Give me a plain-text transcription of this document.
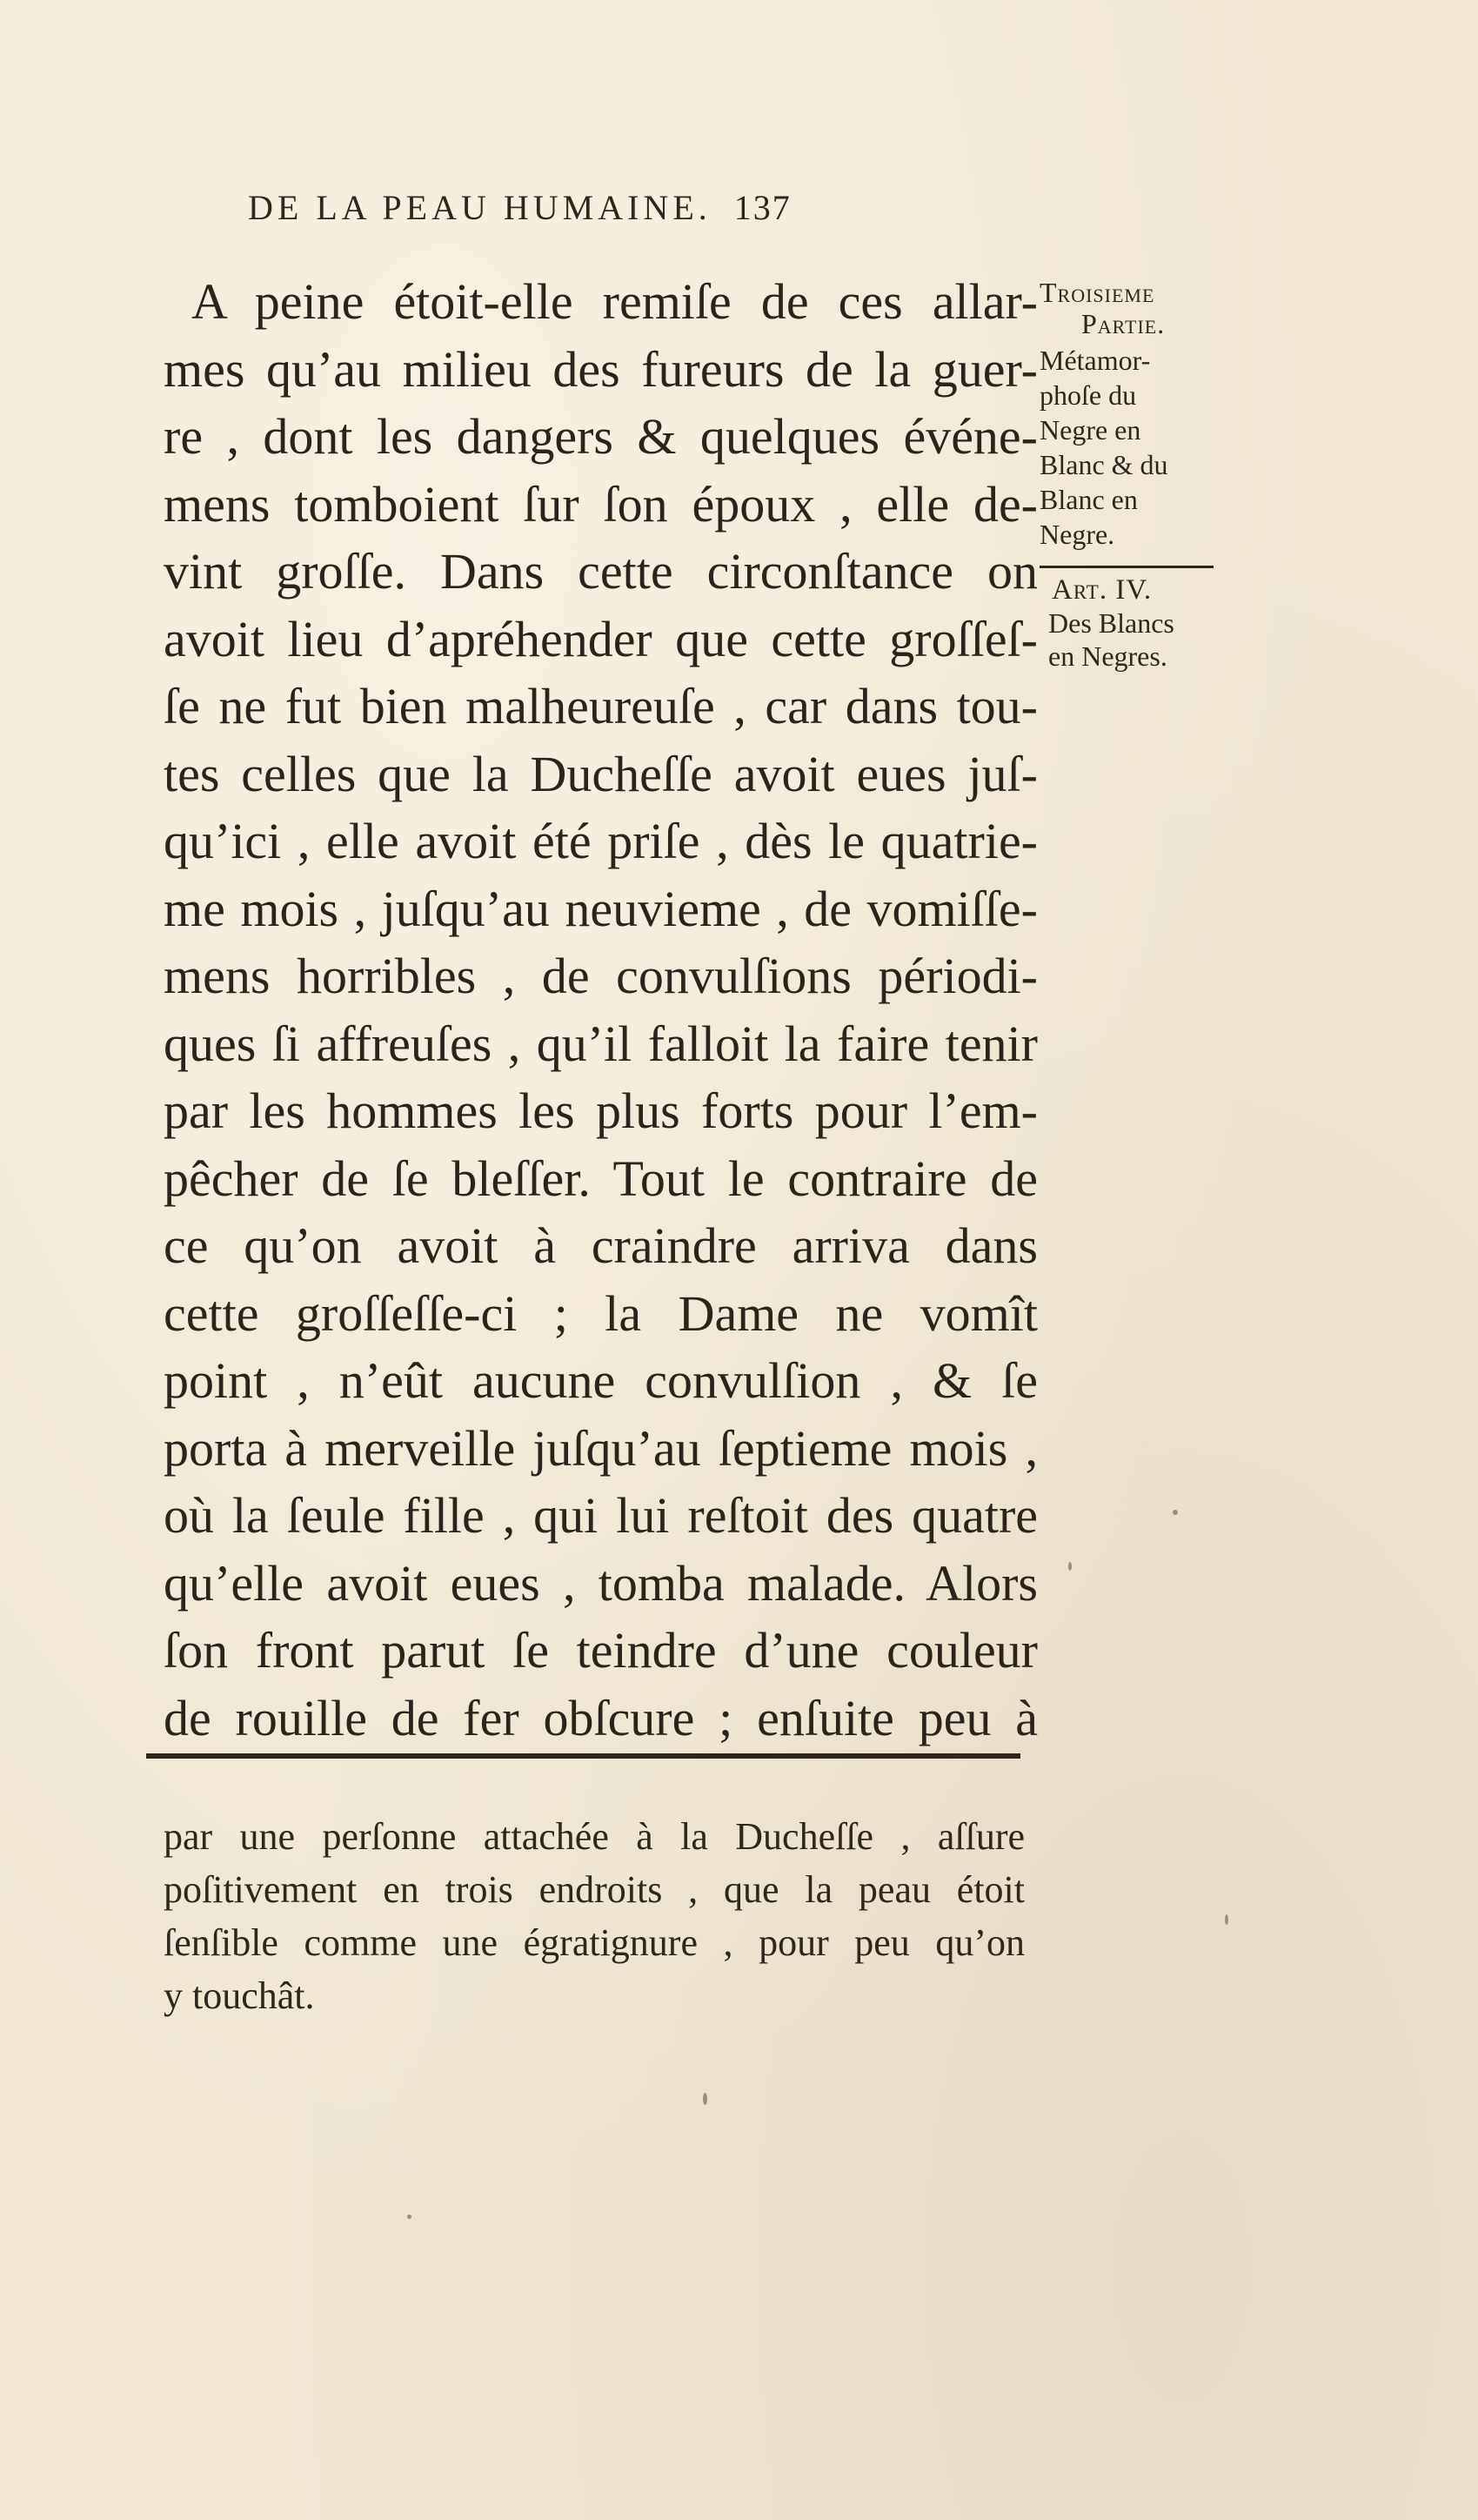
DE LA PEAU HUMAINE. 137
A peine étoit-elle remiſe de ces allar-
mes qu’au milieu des fureurs de la guer-
re , dont les dangers & quelques événe-
mens tomboient ſur ſon époux , elle de-
vint groſſe. Dans cette circonſtance on
avoit lieu d’apréhender que cette groſſeſ-
ſe ne fut bien malheureuſe , car dans tou-
tes celles que la Ducheſſe avoit eues juſ-
qu’ici , elle avoit été priſe , dès le quatrie-
me mois , juſqu’au neuvieme , de vomiſſe-
mens horribles , de convulſions périodi-
ques ſi affreuſes , qu’il falloit la faire tenir
par les hommes les plus forts pour l’em-
pêcher de ſe bleſſer. Tout le contraire de
ce qu’on avoit à craindre arriva dans
cette groſſeſſe-ci ; la Dame ne vomît
point , n’eût aucune convulſion , & ſe
porta à merveille juſqu’au ſeptieme mois ,
où la ſeule fille , qui lui reſtoit des quatre
qu’elle avoit eues , tomba malade. Alors
ſon front parut ſe teindre d’une couleur
de rouille de fer obſcure ; enſuite peu à
Troisieme
Partie.
Métamor-
phoſe du
Negre en
Blanc & du
Blanc en
Negre.
Art. IV.
Des Blancs
en Negres.
par une perſonne attachée à la Ducheſſe , aſſure
poſitivement en trois endroits , que la peau étoit
ſenſible comme une égratignure , pour peu qu’on
y touchât.
